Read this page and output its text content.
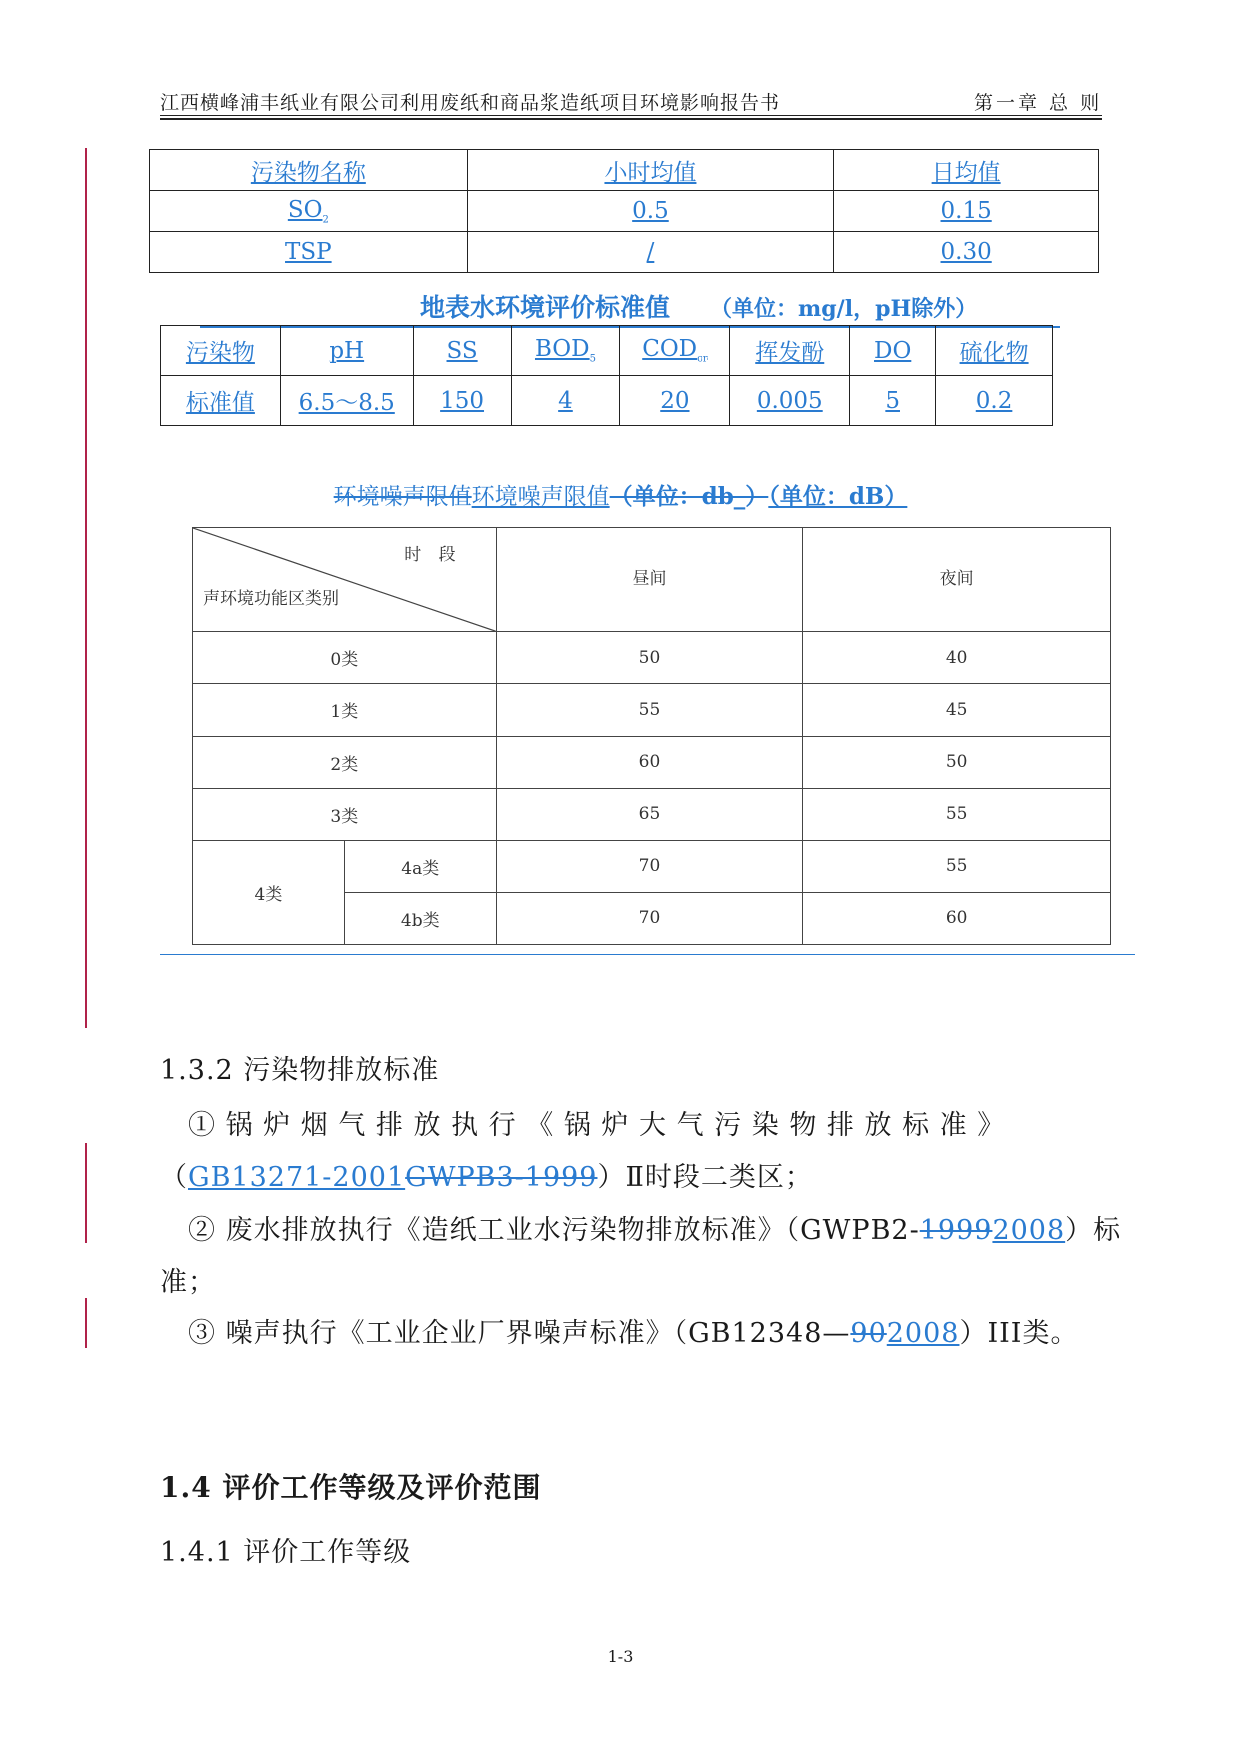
江西横峰浦丰纸业有限公司利用废纸和商品浆造纸项目环境影响报告书	第一章 总 则
污染物名称	小时均值	日均值
$SO_2$	0.5	0.15
TSP	/	0.30
地表水环境评价标准值 （单位：mg/l，pH除外）
污染物	pH	SS	$BOD_5$	$COD_{cr}$	挥发酚	DO	硫化物
标准值	6.5～8.5	150	4	20	0.005	5	0.2
环境噪声限值环境噪声限值（单位：db_）（单位：dB）
时 段
声环境功能区类别		昼间	夜间
0类		50	40
1类		55	45
2类		60	50
3类		65	55
4类	4a类	70	55
	4b类	70	60
1.3.2 污染物排放标准
① 锅 炉 烟 气 排 放 执 行 《 锅 炉 大 气 污 染 物 排 放 标 准 》
（GB13271-2001GWPB3-1999）Ⅱ时段二类区；
② 废水排放执行《造纸工业水污染物排放标准》（GWPB2-19992008）标
准；
③ 噪声执行《工业企业厂界噪声标准》（GB12348—902008）III类。
1.4 评价工作等级及评价范围
1.4.1 评价工作等级
1-3
